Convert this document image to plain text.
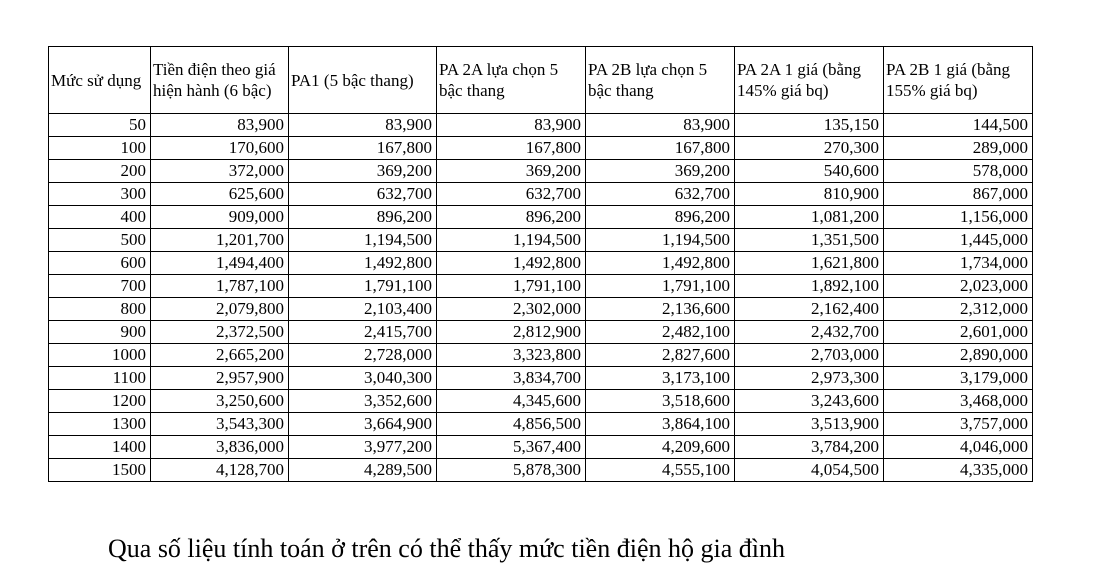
Mức sử dụng	Tiền điện theo giá hiện hành (6 bậc)	PA1 (5 bậc thang)	PA 2A lựa chọn 5 bậc thang	PA 2B lựa chọn 5 bậc thang	PA 2A 1 giá (bằng 145% giá bq)	PA 2B 1 giá (bằng 155% giá bq)
50	83,900	83,900	83,900	83,900	135,150	144,500
100	170,600	167,800	167,800	167,800	270,300	289,000
200	372,000	369,200	369,200	369,200	540,600	578,000
300	625,600	632,700	632,700	632,700	810,900	867,000
400	909,000	896,200	896,200	896,200	1,081,200	1,156,000
500	1,201,700	1,194,500	1,194,500	1,194,500	1,351,500	1,445,000
600	1,494,400	1,492,800	1,492,800	1,492,800	1,621,800	1,734,000
700	1,787,100	1,791,100	1,791,100	1,791,100	1,892,100	2,023,000
800	2,079,800	2,103,400	2,302,000	2,136,600	2,162,400	2,312,000
900	2,372,500	2,415,700	2,812,900	2,482,100	2,432,700	2,601,000
1000	2,665,200	2,728,000	3,323,800	2,827,600	2,703,000	2,890,000
1100	2,957,900	3,040,300	3,834,700	3,173,100	2,973,300	3,179,000
1200	3,250,600	3,352,600	4,345,600	3,518,600	3,243,600	3,468,000
1300	3,543,300	3,664,900	4,856,500	3,864,100	3,513,900	3,757,000
1400	3,836,000	3,977,200	5,367,400	4,209,600	3,784,200	4,046,000
1500	4,128,700	4,289,500	5,878,300	4,555,100	4,054,500	4,335,000
Qua số liệu tính toán ở trên có thể thấy mức tiền điện hộ gia đình
